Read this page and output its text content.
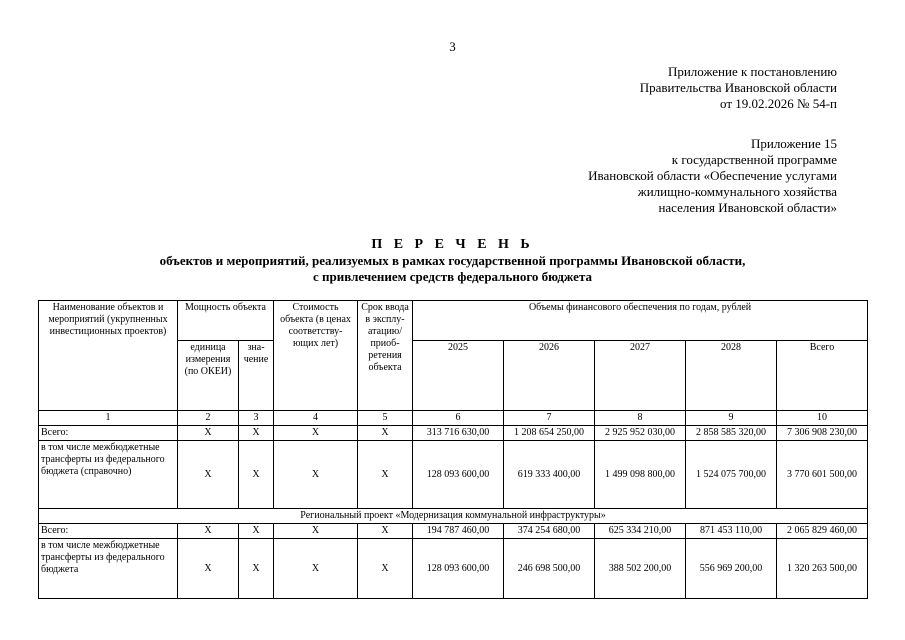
3
Приложение к постановлению
Правительства Ивановской области
от 19.02.2026 № 54-п
Приложение 15
к государственной программе
Ивановской области «Обеспечение услугами
жилищно-коммунального хозяйства
населения Ивановской области»
П Е Р Е Ч Е Н Ь
объектов и мероприятий, реализуемых в рамках государственной программы Ивановской области,
с привлечением средств федерального бюджета
Наименование объектов и мероприятий (укрупненных инвестиционных проектов)	Мощность объекта		Стоимость объекта (в ценах соответству-ющих лет)	Срок ввода в эксплу-атацию/ приоб-ретения объекта	Объемы финансового обеспечения по годам, рублей				
	единица измерения (по ОКЕИ)	зна-чение			2025	2026	2027	2028	Всего
1	2	3	4	5	6	7	8	9	10
Всего:	Х	Х	Х	Х	313 716 630,00	1 208 654 250,00	2 925 952 030,00	2 858 585 320,00	7 306 908 230,00
в том числе межбюджетные трансферты из федерального бюджета (справочно)	Х	Х	Х	Х	128 093 600,00	619 333 400,00	1 499 098 800,00	1 524 075 700,00	3 770 601 500,00
Региональный проект «Модернизация коммунальной инфраструктуры»									
Всего:	Х	Х	Х	Х	194 787 460,00	374 254 680,00	625 334 210,00	871 453 110,00	2 065 829 460,00
в том числе межбюджетные трансферты из федерального бюджета	Х	Х	Х	Х	128 093 600,00	246 698 500,00	388 502 200,00	556 969 200,00	1 320 263 500,00
